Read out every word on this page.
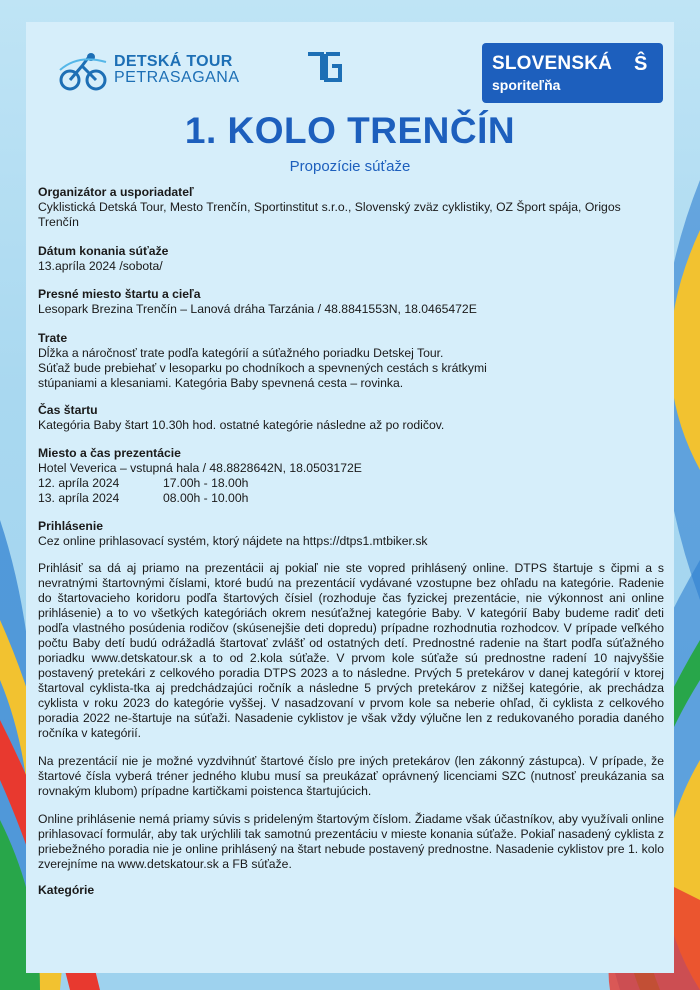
DETSKÁ TOUR
PETRASAGANA
SLOVENSKÁ
sporiteľňa
Ŝ
1. KOLO TRENČÍN
Propozície súťaže
Organizátor a usporiadateľ
Cyklistická Detská Tour, Mesto Trenčín, Sportinstitut s.r.o., Slovenský zväz cyklistiky, OZ Šport spája, Origos Trenčín
Dátum konania súťaže
13.apríla 2024 /sobota/
Presné miesto štartu a cieľa
Lesopark Brezina Trenčín – Lanová dráha Tarzánia / 48.8841553N, 18.0465472E
Trate
Dĺžka a náročnosť trate podľa kategórií a súťažného poriadku Detskej Tour.
Súťaž bude prebiehať v lesoparku po chodníkoch a spevnených cestách s krátkymi stúpaniami a klesaniami. Kategória Baby spevnená cesta – rovinka.
Čas štartu
Kategória Baby štart 10.30h hod. ostatné kategórie následne až po rodičov.
Miesto a čas prezentácie
Hotel Veverica – vstupná hala / 48.8828642N, 18.0503172E
12. apríla 2024	17.00h - 18.00h
13. apríla 2024	08.00h - 10.00h
Prihlásenie
Cez online prihlasovací systém, ktorý nájdete na https://dtps1.mtbiker.sk
Prihlásiť sa dá aj priamo na prezentácii aj pokiaľ nie ste vopred prihlásený online. DTPS štartuje s čipmi a s nevratnými štartovnými číslami, ktoré budú na prezentácií vydávané vzostupne bez ohľadu na kategórie. Radenie do štartovacieho koridoru podľa štartových čísiel (rozhoduje čas fyzickej prezentácie, nie výkonnost ani online prihlásenie) a to vo všetkých kategóriách okrem nesúťažnej kategórie Baby. V kategórií Baby budeme radiť deti podľa vlastného posúdenia rodičov (skúsenejšie deti dopredu) prípadne rozhodnutia rozhodcov. V prípade veľkého počtu Baby detí budú odrážadlá štartovať zvlášť od ostatných detí. Prednostné radenie na štart podľa súťažného poriadku www.detskatour.sk a to od 2.kola súťaže. V prvom kole súťaže sú prednostne radení 10 najvyššie postavený pretekári z celkového poradia DTPS 2023 a to následne. Prvých 5 pretekárov v danej kategórií v ktorej štartoval cyklista-tka aj predchádzajúci ročník a následne 5 prvých pretekárov z nižšej kategórie, ak prechádza cyklista v roku 2023 do kategórie vyššej. V nasadzovaní v prvom kole sa neberie ohľad, či cyklista z celkového poradia 2022 ne-štartuje na súťaži. Nasadenie cyklistov je však vždy výlučne len z redukovaného poradia daného ročníka v kategórií.
Na prezentácií nie je možné vyzdvihnúť štartové číslo pre iných pretekárov (len zákonný zástupca). V prípade, že štartové čísla vyberá tréner jedného klubu musí sa preukázať oprávnený licenciami SZC (nutnosť preukázania sa rovnakým klubom) prípadne kartičkami poistenca štartujúcich.
Online prihlásenie nemá priamy súvis s prideleným štartovým číslom. Žiadame však účastníkov, aby využívali online prihlasovací formulár, aby tak urýchlili tak samotnú prezentáciu v mieste konania súťaže. Pokiaľ nasadený cyklista z priebežného poradia nie je online prihlásený na štart nebude postavený prednostne. Nasadenie cyklistov pre 1. kolo zverejníme na www.detskatour.sk a FB súťaže.
Kategórie
